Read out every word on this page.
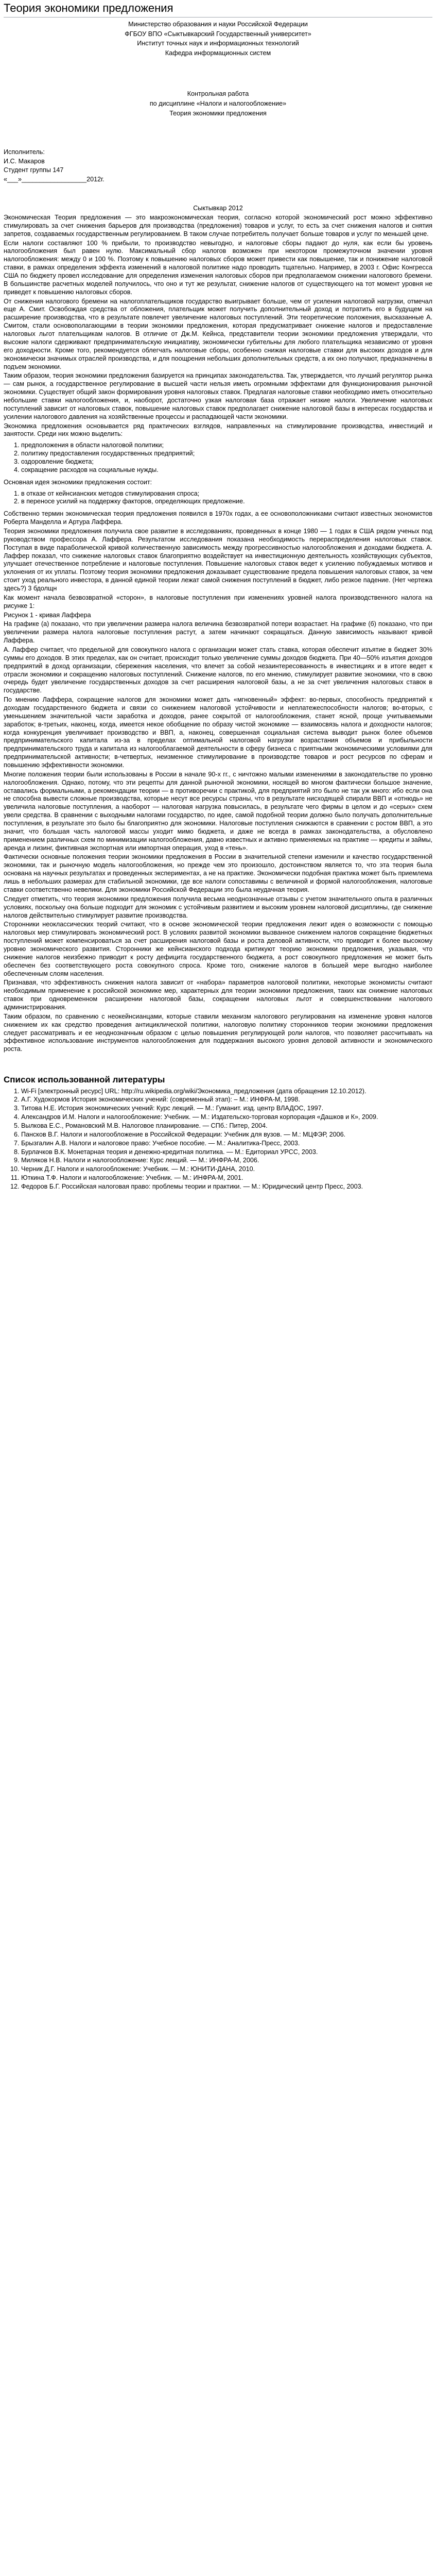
Теория экономики предложения

Министерство образования и науки Российской Федерации

ФГБОУ ВПО «Сыктывкарский Государственный университет»

Институт точных наук и информационных технологий

Кафедра информационных систем

Контрольная работа

по дисциплине «Налоги и налогообложение»

Теория экономики предложения

Исполнитель:

И.С. Макаров

Студент группы 147

«___»__________________2012г.

Сыктывкар 2012

Экономическая Теория предложения — это макроэкономическая теория, согласно которой экономический рост можно эффективно стимулировать за счет снижения барьеров для производства (предложения) товаров и услуг, то есть за счет снижения налогов и снятия запретов, создаваемых государственным регулированием. В таком случае потребитель получает больше товаров и услуг по меньшей цене.

Если налоги составляют 100 % прибыли, то производство невыгодно, и налоговые сборы падают до нуля, как если бы уровень налогообложения был равен нулю. Максимальный сбор налогов возможен при некотором промежуточном значении уровня налогообложения: между 0 и 100 %. Поэтому к повышению налоговых сборов может привести как повышение, так и понижение налоговой ставки, в рамках определения эффекта изменений в налоговой политике надо проводить тщательно. Например, в 2003 г. Офис Конгресса США по бюджету провел исследование для определения изменения налоговых сборов при предполагаемом снижении налогового бремени. В большинстве расчетных моделей получилось, что оно и тут же результат, снижение налогов от существующего на тот момент уровня не приведет к повышению налоговых сборов.

От снижения налогового бремени на налогоплательщиков государство выигрывает больше, чем от усиления налоговой нагрузки, отмечал еще А. Смит. Освобождая средства от обложения, плательщик может получить дополнительный доход и потратить его в будущем на расширение производства, что в результате повлечет увеличение налоговых поступлений. Эти теоретические положения, высказанные А. Смитом, стали основополагающими в теории экономики предложения, которая предусматривает снижение налогов и предоставление налоговых льгот плательщикам налогов. В отличие от Дж.М. Кейнса, представители теории экономики предложения утверждали, что высокие налоги сдерживают предпринимательскую инициативу, экономически губительны для любого плательщика независимо от уровня его доходности. Кроме того, рекомендуется облегчать налоговые сборы, особенно снижая налоговые ставки для высоких доходов и для экономически значимых отраслей производства, и для поощрения небольших дополнительных средств, а их оно получают, предназначены в подъем экономики.

Таким образом, теория экономики предложения базируется на принципах законодательства. Так, утверждается, что лучший регулятор рынка — сам рынок, а государственное регулирование в высшей части нельзя иметь огромными эффектами для функционирования рыночной экономики. Существует общий закон формирования уровня налоговых ставок. Предлагая налоговые ставки необходимо иметь относительно небольшие ставки налогообложения, и, наоборот, достаточно узкая налоговая база отражает низкие налоги. Увеличение налоговых поступлений зависит от налоговых ставок, повышение налоговых ставок предполагает снижение налоговой базы в интересах государства и усилении налогового давления на хозяйственные процессы и распадающей части экономики.

Экономика предложения основывается ряд практических взглядов, направленных на стимулирование производства, инвестиций и занятости. Среди них можно выделить:

1. предположения в области налоговой политики;
2. политику предоставления государственных предприятий;
3. оздоровление бюджета;
4. сокращение расходов на социальные нужды.

Основная идея экономики предложения состоит:

1. в отказе от кейнсианских методов стимулирования спроса;
2. в переносе усилий на поддержку факторов, определяющих предложение.

Собственно термин экономическая теория предложения появился в 1970х годах, а ее основоположниками считают известных экономистов Роберта Манделла и Артура Лаффера.

Теория экономики предложения получила свое развитие в исследованиях, проведенных в конце 1980 — 1 годах в США рядом ученых под руководством профессора А. Лаффера. Результатом исследования показана необходимость перераспределения налоговых ставок. Поступая в виде параболической кривой количественную зависимость между прогрессивностью налогообложения и доходами бюджета. А. Лаффер показал, что снижение налоговых ставок благоприятно воздействует на инвестиционную деятельность хозяйствующих субъектов, улучшает отечественное потребление и налоговые поступления. Повышение налоговых ставок ведет к усилению побуждаемых мотивов и уклонения от их уплаты. Поэтому теория экономики предложения доказывает существование предела повышения налоговых ставок, за чем стоит уход реального инвестора, в данной единой теории лежат самой снижения поступлений в бюджет, либо резкое падение. (Нет чертежа здесь?) 3 бдолщн

Как момент начала безвозвратной «сторон», в налоговые поступления при изменениях уровней налога производственного налога на рисунке 1:

Рисунок 1 - кривая Лаффера

На графике (а) показано, что при увеличении размера налога величина безвозвратной потери возрастает. На графике (б) показано, что при увеличении размера налога налоговые поступления растут, а затем начинают сокращаться. Данную зависимость называют кривой Лаффера.

А. Лаффер считает, что предельной для совокупного налога с организации может стать ставка, которая обеспечит изъятие в бюджет 30% суммы его доходов. В этих пределах, как он считает, происходит только увеличение суммы доходов бюджета. При 40—50% изъятия доходов предприятий в доход организации, сбережения населения, что влечет за собой незаинтересованность в инвестициях и в итоге ведет к отрасли экономики и сокращению налоговых поступлений. Снижение налогов, по его мнению, стимулирует развитие экономики, что в свою очередь будет увеличение государственных доходов за счет расширения налоговой базы, а не за счет увеличения налоговых ставок в государстве.

По мнению Лаффера, сокращение налогов для экономики может дать «мгновенный» эффект: во-первых, способность предприятий к доходам государственного бюджета и связи со снижением налоговой устойчивости и неплатежеспособности налогов; во-вторых, с уменьшением значительной части заработка и доходов, ранее сокрытой от налогообложения, станет ясной, проще учитываемыми заработок; в-третьих, наконец, когда, имеется некое обобщение по образу чистой экономике — взаимосвязь налога и доходности налогов; когда конкуренция увеличивает производство и ВВП, а, наконец, совершенная социальная система выводит рынок более объемов предпринимательского капитала из-за в пределах оптимальной налоговой нагрузки возрастания объемов и прибыльности предпринимательского труда и капитала из налогооблагаемой деятельности в сферу бизнеса с приятными экономическими условиями для предпринимательской активности; в-четвертых, неизменное стимулирование в производстве товаров и рост ресурсов по сферам и повышению эффективности экономики.

Многие положения теории были использованы в России в начале 90-х гг., с ничтожно малыми изменениями в законодательстве по уровню налогообложения. Однако, потому, что эти рецепты для данной рыночной экономики, носящей во многом фактически большое значение, оставались формальными, а рекомендации теории — в противоречии с практикой, для предприятий это было не так уж много: ибо если она не способна вывести сложные производства, которые несут все ресурсы страны, что в результате нисходящей спирали ВВП и «отнюдь» не увеличила налоговые поступления, а наоборот — налоговая нагрузка повысилась, в результате чего фирмы в целом и до «серых» схем увели средства. В сравнении с выходными налогами государство, по идее, самой подобной теории должно было получать дополнительные поступления, в результате это было бы благоприятно для экономики. Налоговые поступления снижаются в сравнении с ростом ВВП, а это значит, что большая часть налоговой массы уходит мимо бюджета, и даже не всегда в рамках законодательства, а обусловлено применением различных схем по минимизации налогообложения, давно известных и активно применяемых на практике — кредиты и займы, аренда и лизинг, фиктивная экспортная или импортная операция, уход в «тень».

Фактически основные положения теории экономики предложения в России в значительной степени изменили и качество государственной экономики, так и рыночную модель налогообложения, но прежде чем это произошло, достоинством является то, что эта теория была основана на научных результатах и проведенных экспериментах, а не на практике. Экономически подобная практика может быть приемлема лишь в небольших размерах для стабильной экономики, где все налоги сопоставимы с величиной и формой налогообложения, налоговые ставки соответственно невелики. Для экономики Российской Федерации это была неудачная теория.

Следует отметить, что теория экономики предложения получила весьма неоднозначные отзывы с учетом значительного опыта в различных условиях, поскольку она больше подходит для экономик с устойчивым развитием и высоким уровнем налоговой дисциплины, где снижение налогов действительно стимулирует развитие производства.

Сторонники неоклассических теорий считают, что в основе экономической теории предложения лежит идея о возможности с помощью налоговых мер стимулировать экономический рост. В условиях развитой экономики вызванное снижением налогов сокращение бюджетных поступлений может компенсироваться за счет расширения налоговой базы и роста деловой активности, что приводит к более высокому уровню экономического развития. Сторонники же кейнсианского подхода критикуют теорию экономики предложения, указывая, что снижение налогов неизбежно приводит к росту дефицита государственного бюджета, а рост совокупного предложения не может быть обеспечен без соответствующего роста совокупного спроса. Кроме того, снижение налогов в большей мере выгодно наиболее обеспеченным слоям населения.

Признавая, что эффективность снижения налога зависит от «набора» параметров налоговой политики, некоторые экономисты считают необходимым применение к российской экономике мер, характерных для теории экономики предложения, таких как снижение налоговых ставок при одновременном расширении налоговой базы, сокращении налоговых льгот и совершенствовании налогового администрирования.

Таким образом, по сравнению с неокейнсианцами, которые ставили механизм налогового регулирования на изменение уровня налогов снижением их как средство проведения антициклической политики, налоговую политику сторонников теории экономики предложения следует рассматривать и ее неоднозначным образом с целью повышения регулирующей роли налогов, что позволяет рассчитывать на эффективное использование инструментов налогообложения для поддержания высокого уровня деловой активности и экономического роста.

Список использованной литературы
1. Wi-Fi [электронный ресурс] URL: http://ru.wikipedia.org/wiki/Экономика_предложения (дата обращения 12.10.2012).
2. А.Г. Худокормов История экономических учений: (современный этап): – М.: ИНФРА-М, 1998.
3. Титова Н.Е. История экономических учений: Курс лекций. — М.: Гуманит. изд. центр ВЛАДОС, 1997.
4. Александров И.М. Налоги и налогообложение: Учебник. — М.: Издательско-торговая корпорация «Дашков и К», 2009.
5. Вылкова Е.С., Романовский М.В. Налоговое планирование. — СПб.: Питер, 2004.
6. Пансков В.Г. Налоги и налогообложение в Российской Федерации: Учебник для вузов. — М.: МЦФЭР, 2006.
7. Брызгалин А.В. Налоги и налоговое право: Учебное пособие. — М.: Аналитика-Пресс, 2003.
8. Бурлачков В.К. Монетарная теория и денежно-кредитная политика. — М.: Едиториал УРСС, 2003.
9. Миляков Н.В. Налоги и налогообложение: Курс лекций. — М.: ИНФРА-М, 2006.
10. Черник Д.Г. Налоги и налогообложение: Учебник. — М.: ЮНИТИ-ДАНА, 2010.
11. Юткина Т.Ф. Налоги и налогообложение: Учебник. — М.: ИНФРА-М, 2001.
12. Федоров Б.Г. Российская налоговая право: проблемы теории и практики. — М.: Юридический центр Пресс, 2003.
